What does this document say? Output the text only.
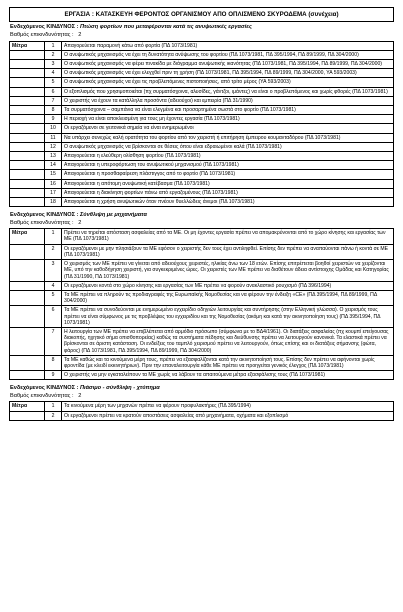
ΕΡΓΑΣΙΑ : ΚΑΤΑΣΚΕΥΗ ΦΕΡΟΝΤΟΣ ΟΡΓΑΝΙΣΜΟΥ ΑΠΟ ΟΠΛΙΣΜΕΝΟ ΣΚΥΡΟΔΕΜΑ (συνέχεια)
Ενδεχόμενος ΚΙΝΔΥΝΟΣ : Πτώση φορτίων που μεταφέρονται κατά τις ανυψωτικές εργασίες
Βαθμός επικινδυνότητας : 2
Μέτρα	1	Απαγορεύεται παραμονή κάτω από φορτία (ΠΔ 1073/1981)
	2	Ο ανυψωτικός μηχανισμός να έχει τη δυνατότητα ανύψωσης του φορτίου (ΠΔ 1073/1981, ΠΔ 395/1994, ΠΔ 89/1999, ΠΔ 304/2000)
	3	Ο ανυψωτικός μηχανισμός να φέρει πινακίδα με διάγραμμα ανυψωτικής ικανότητας (ΠΔ 1073/1981, ΠΔ 395/1994, ΠΔ 89/1999, ΠΔ 304/2000)
	4	Ο ανυψωτικός μηχανισμός να έχει ελεγχθεί πριν τη χρήση (ΠΔ 1073/1981, ΠΔ 395/1994, ΠΔ 89/1999, ΠΔ 304/2000, ΥΑ 593/2003)
	5	Ο ανυψωτικός μηχανισμός να έχει τις προβλεπόμενες πιστοποιήσεις, από τρίτο μέρος (ΥΑ 593/2003)
	6	Ο εξοπλισμός που χρησιμοποιείται (πχ συρματόσχοινα, αλυσίδες, γάντζοι, ιμάντες) να είναι ο προβλεπόμενος και χωρίς φθορές (ΠΔ 1073/1981)
	7	Ο χειριστής να έχουν τα κατάλληλα προσόντα (αδειούχοι) και εμπειρία (ΠΔ 31/1990)
	8	Τα συρματόσχοινα – σαμπάνια να είναι ελεγμένα και προσαρτημένα σωστά στο φορτίο (ΠΔ 1073/1981)
	9	Η περιοχή να είναι αποκλεισμένη για τους μη έχοντες εργασία (ΠΔ 1073/1981)
	10	Οι εργαζόμενοι σε γειτονικά σημεία να είναι ενημερωμένοι
	11	Να υπάρχει συνεχώς καλή ορατότητα του φορτίου από τον χειριστή ή επιτήρηση έμπειρου κουμανταδόρου (ΠΔ 1073/1981)
	12	Ο ανυψωτικός μηχανισμός να βρίσκονται σε θέσεις όπου είναι εδραιωμένοι καλά (ΠΔ 1073/1981)
	13	Απαγορεύεται η ελεύθερη ολίσθηση φορτίου (ΠΔ 1073/1981)
	14	Απαγορεύεται η υπεροφόρτωση του ανυψωτικού μηχανισμού (ΠΔ 1073/1981)
	15	Απαγορεύεται η προσθαφαίρεση πλάστιγγος από το φορτίο (ΠΔ 1073/1981)
	16	Απαγορεύεται η απότομη ανυψωτική κατέβασμα (ΠΔ 1073/1981)
	17	Απαγορεύεται η διακίνηση φορτίων πάνω από εργαζομένους (ΠΔ 1073/1981)
	18	Απαγορεύεται η χρήση ανυψωτικών όταν πνέουν θυελλώδεις άνεμοι (ΠΔ 1073/1981)
Ενδεχόμενος ΚΙΝΔΥΝΟΣ : Σύνθλιψη με μηχανήματα
Βαθμός επικινδυνότητας : 2
Μέτρα	1	Πρέπει να τηρείται απόσταση ασφαλείας από τα ΜΕ. Οι μη έχοντες εργασία πρέπει να απομακρύνονται από το χώρο κίνησης και εργασίας των ΜΕ (ΠΔ 1073/1981)
	2	Οι εργαζόμενοι με μην πλησιάζουν τα ΜΕ εφόσον ο χειριστής δεν τους έχει αντιληφθεί. Επίσης δεν πρέπει να αναπαύονται πάνω ή κοντά σε ΜΕ (ΠΔ 1073/1981)
	3	Ο χειρισμός των ΜΕ πρέπει να γίνεται από αδειούχους χειριστές, ηλικίας άνω των 18 ετών. Επίσης επιτρέπεται βοηθοί χειριστών να χειρίζονται ΜΕ, υπό την καθοδήγηση χειριστή, για συγκεκριμένες ώρες. Οι χειριστές των ΜΕ πρέπει να διαθέτουν άδεια αντίστοιχης Ομάδας και Κατηγορίας (ΠΔ 31/1990, ΠΔ 1073/1981)
	4	Οι εργαζόμενοι κοντά στο χώρο κίνησης και εργασίας των ΜΕ πρέπει να φορούν ανακλαστικό ρουχισμό (ΠΔ 396/1994)
	5	Τα ΜΕ πρέπει να πληρούν τις προδιαγραφές της Ευρωπαϊκής Νομοθεσίας και να φέρουν την ένδειξη «CE» (ΠΔ 395/1994, ΠΔ 89/1999, ΠΔ 304/2000)
	6	Τα ΜΕ πρέπει να συνοδεύονται με ενημερωμένο εγχειρίδιο οδηγιών λειτουργίας και συντήρησης (στην Ελληνική γλώσσα). Ο χειρισμός τους πρέπει να είναι σύμφωνος με τις προβλέψεις του εγχειριδίου και της Νομοθεσίας (ακόμη και κατά την ακινητοποίηση τους) (ΠΔ 395/1994, ΠΔ 1073/1981)
	7	Η λειτουργία των ΜΕ πρέπει να επιβλέπεται από αρμόδιο πρόσωπο (σύμφωνα με το ΒΔ4/1961). Οι διατάξεις ασφαλείας (πχ κουμπί επείγουσας διακοπής, ηχητικό σήμα οπισθοπορείας) καθώς τα συστήματα πέδησης και διεύθυνσης πρέπει να λειτουργούν κανονικά. Τα ελαστικά πρέπει να βρίσκονται σε άριστη κατάσταση. Οι ενδείξεις του ταμπλό χειρισμού πρέπει να λειτουργούν, όπως επίσης και οι διατάξεις σήμανσης (φώτα, φάρος) (ΠΔ 1073/1981, ΠΔ 395/1994, ΠΔ 89/1999, ΠΔ 304/2000)
	8	Τα ΜΕ καθώς και τα κινούμενα μέρη τους, πρέπει να εξασφαλίζονται κατά την ακινητοποίησή τους. Επίσης δεν πρέπει να αφήνονται χωρίς φροντίδα (με κλειδί εκκινητήριων). Πριν την επαναλειτουργία κάθε ΜΕ πρέπει να προηγείται γενικός έλεγχος (ΠΔ 1073/1981)
	9	Ο χειριστής να μην εγκαταλείπουν τα ΜΕ χωρίς να λάβουν τα απαιτούμενα μέτρα εξασφάλισης τους (ΠΔ 1073/1981)
Ενδεχόμενος ΚΙΝΔΥΝΟΣ : Πιάσιμο - σύνθλιψη - χτύπημα
Βαθμός επικινδυνότητας : 2
Μέτρα	1	Τα κινούμενα μέρη των μηχανών πρέπει να φέρουν προφυλακτήρες (ΠΔ 395/1994)
	2	Οι εργαζόμενοι πρέπει να κρατούν αποστάσεις ασφαλείας από μηχανήματα, οχήματα και εξοπλισμό
